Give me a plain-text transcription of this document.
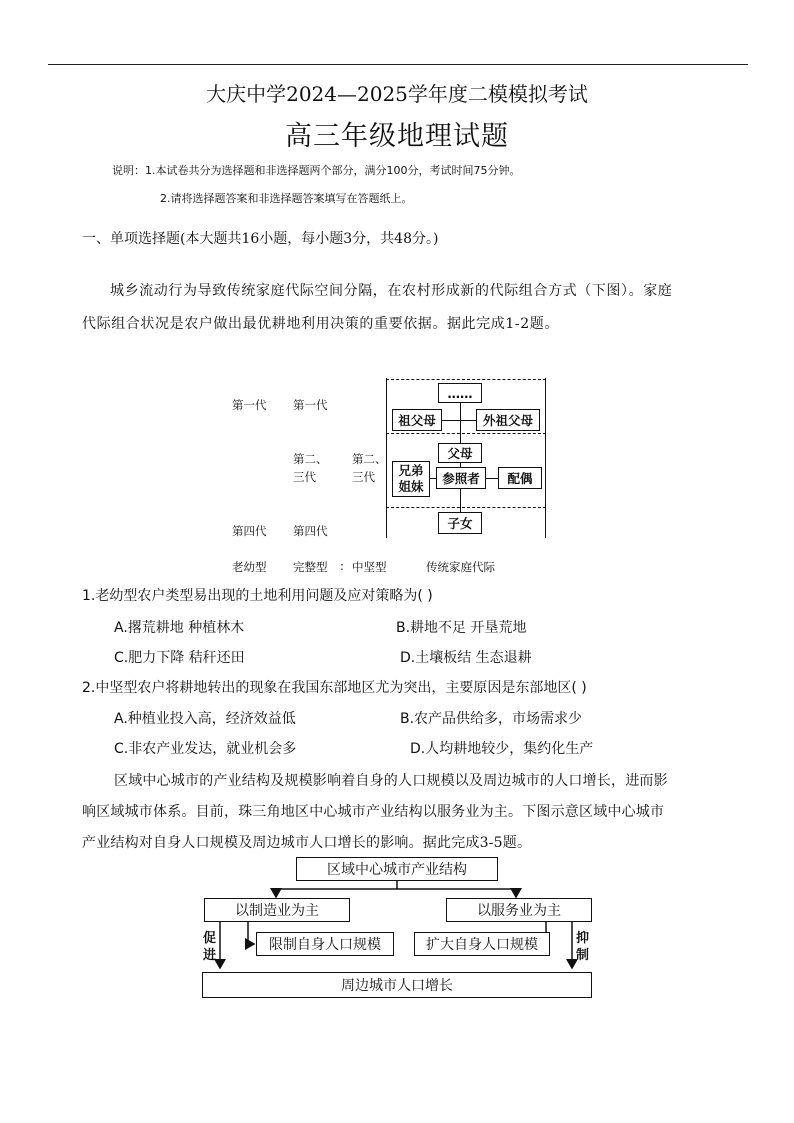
大庆中学2024—2025学年度二模模拟考试
高三年级地理试题
说明：1.本试卷共分为选择题和非选择题两个部分，满分100分，考试时间75分钟。
2.请将选择题答案和非选择题答案填写在答题纸上。
一、单项选择题(本大题共16小题，每小题3分，共48分。)
城乡流动行为导致传统家庭代际空间分隔，在农村形成新的代际组合方式（下图）。家庭
代际组合状况是农户做出最优耕地利用决策的重要依据。据此完成1-2题。
第一代 第一代
第二、
三代
第二、
三代
第四代 第四代
……
祖父母	外祖父母
父母
兄弟
姐妹
参照者	配偶
子女
老幼型 完整型 : 中坚型	传统家庭代际
1.老幼型农户类型易出现的土地利用问题及应对策略为( )
A.撂荒耕地 种植林木	B.耕地不足 开垦荒地
C.肥力下降 秸秆还田	D.土壤板结 生态退耕
2.中坚型农户将耕地转出的现象在我国东部地区尤为突出，主要原因是东部地区( )
A.种植业投入高，经济效益低	B.农产品供给多，市场需求少
C.非农产业发达，就业机会多	D.人均耕地较少，集约化生产
区域中心城市的产业结构及规模影响着自身的人口规模以及周边城市的人口增长，进而影
响区域城市体系。目前，珠三角地区中心城市产业结构以服务业为主。下图示意区域中心城市
产业结构对自身人口规模及周边城市人口增长的影响。据此完成3-5题。
区域中心城市产业结构
以制造业为主	以服务业为主
限制自身人口规模	扩大自身人口规模
周边城市人口增长
促
进
抑
制
